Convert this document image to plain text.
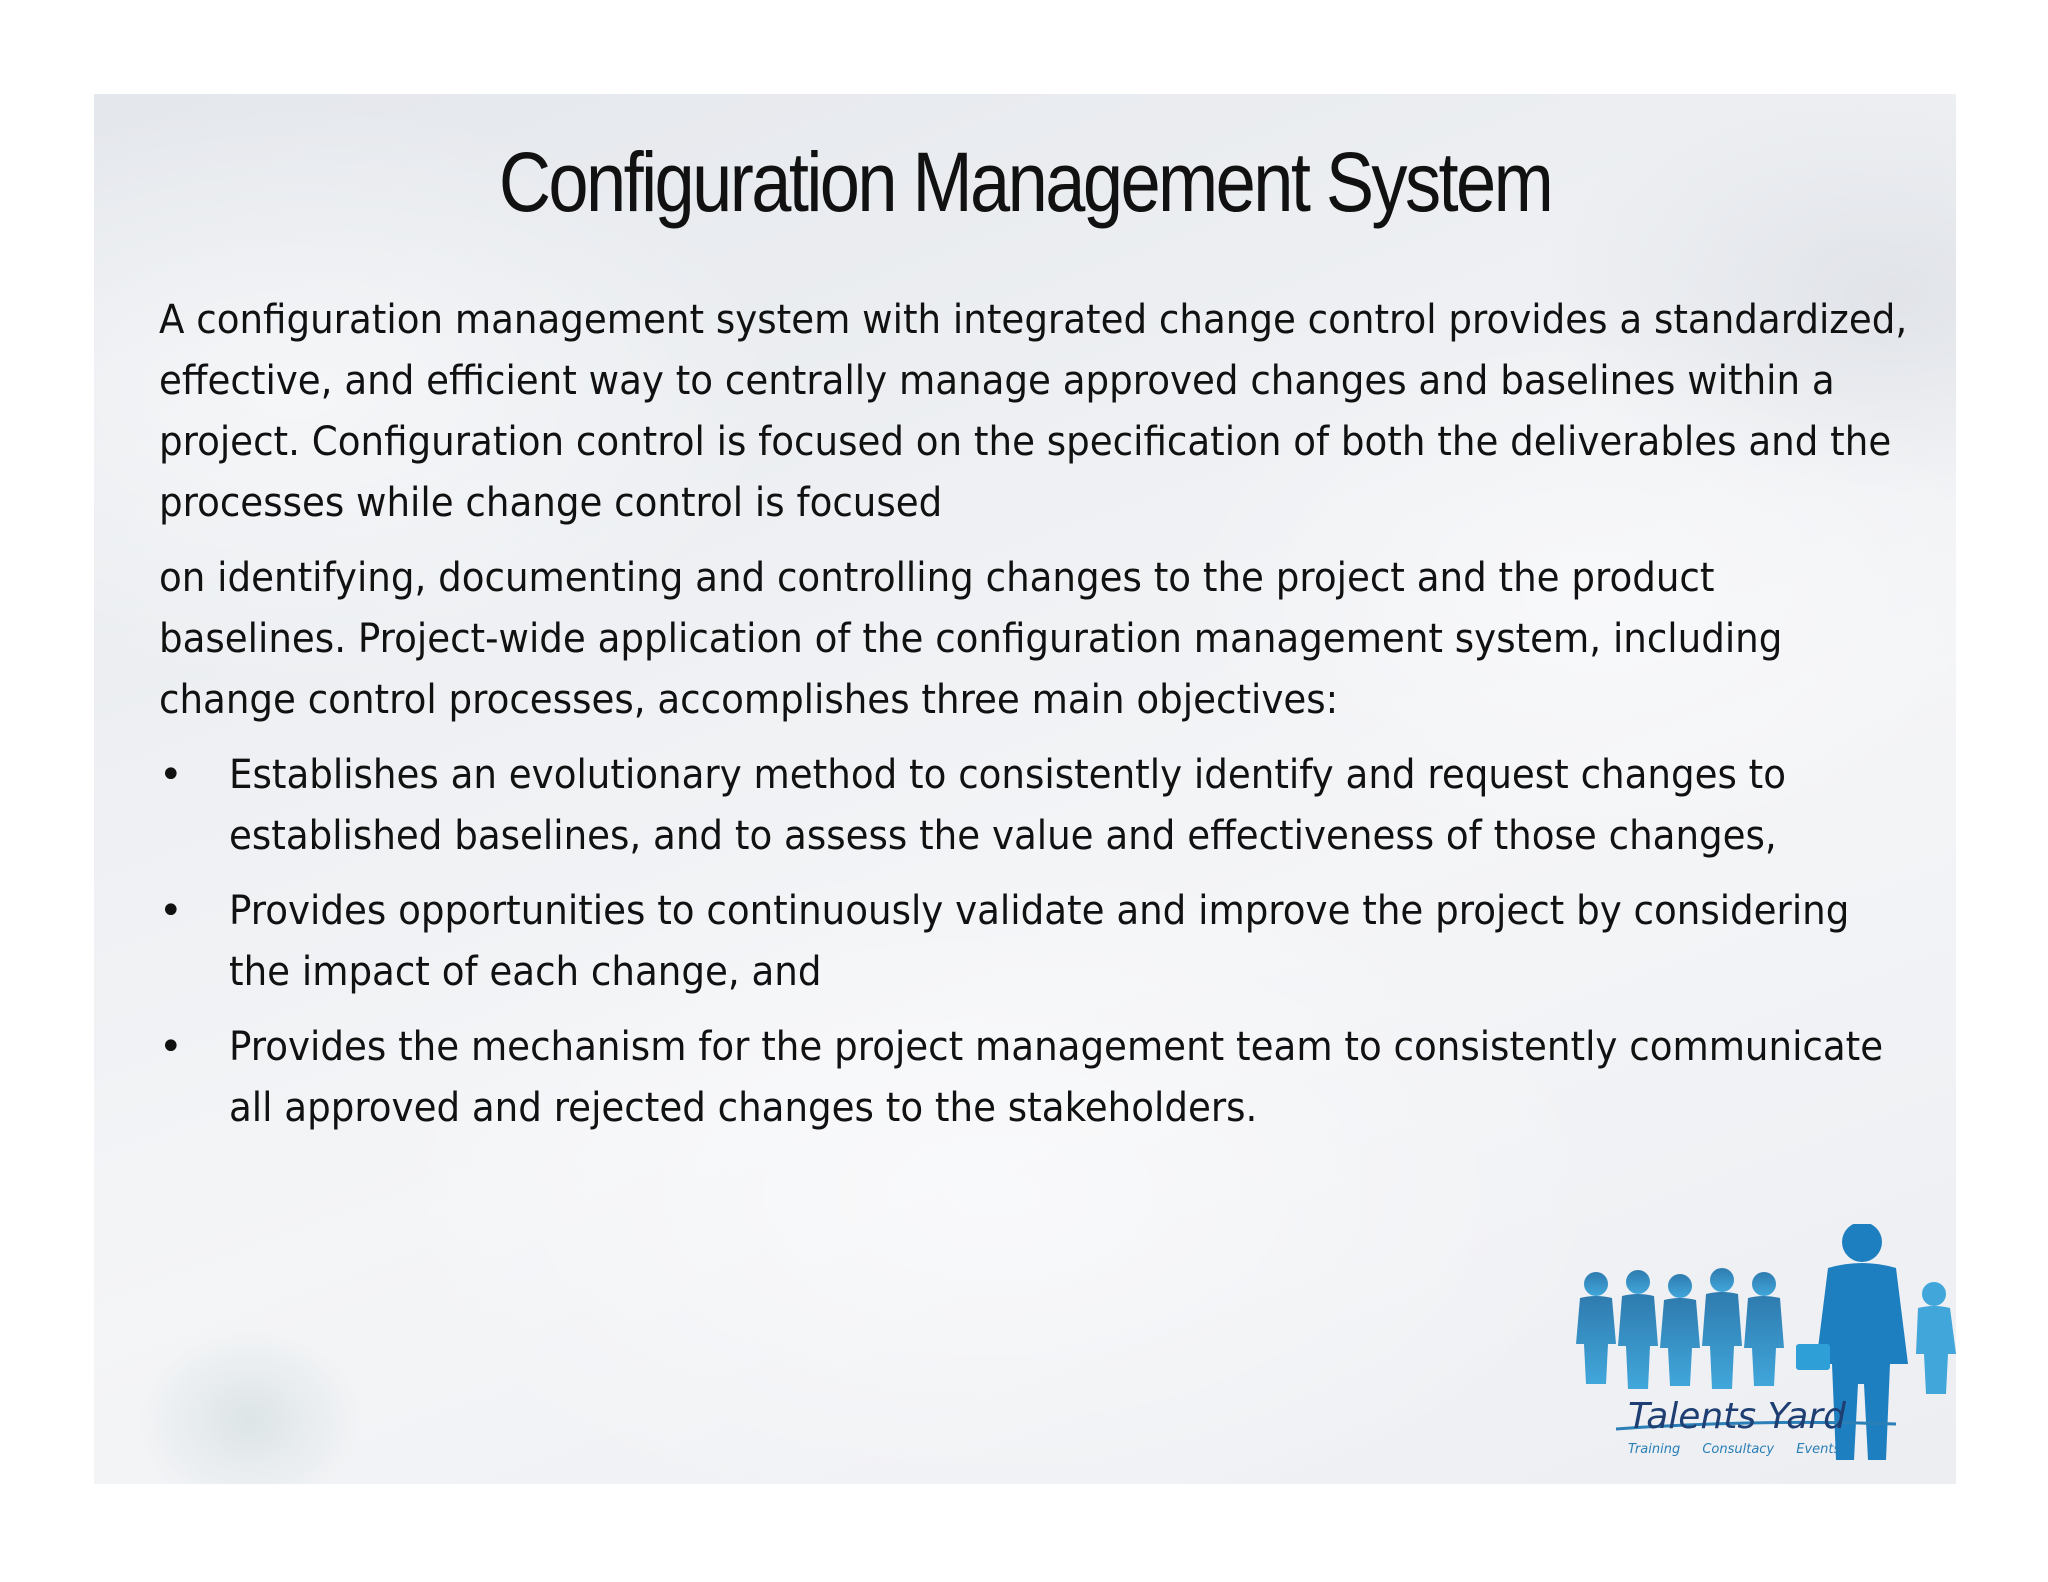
Configuration Management System

A configuration management system with integrated change control provides a standardized, effective, and efficient way to centrally manage approved changes and baselines within a project. Configuration control is focused on the specification of both the deliverables and the processes while change control is focused

on identifying, documenting and controlling changes to the project and the product baselines. Project-wide application of the configuration management system, including change control processes, accomplishes three main objectives:

• Establishes an evolutionary method to consistently identify and request changes to established baselines, and to assess the value and effectiveness of those changes,
• Provides opportunities to continuously validate and improve the project by considering the impact of each change, and
• Provides the mechanism for the project management team to consistently communicate all approved and rejected changes to the stakeholders.
Talents Yard
Training Consultacy Events
